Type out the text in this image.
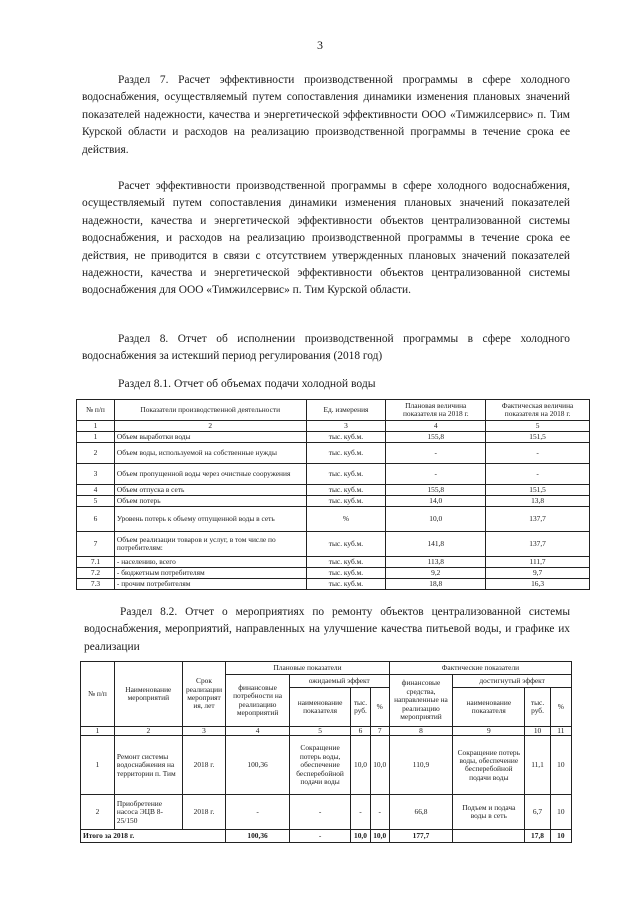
3

Раздел 7. Расчет эффективности производственной программы в сфере холодного водоснабжения, осуществляемый путем сопоставления динамики изменения плановых значений показателей надежности, качества и энергетической эффективности ООО «Тимжилсервис» п. Тим Курской области и расходов на реализацию производственной программы в течение срока ее действия.

Расчет эффективности производственной программы в сфере холодного водоснабжения, осуществляемый путем сопоставления динамики изменения плановых значений показателей надежности, качества и энергетической эффективности объектов централизованной системы водоснабжения, и расходов на реализацию производственной программы в течение срока ее действия, не приводится в связи с отсутствием утвержденных плановых значений показателей надежности, качества и энергетической эффективности объектов централизованной системы водоснабжения для ООО «Тимжилсервис» п. Тим Курской области.

Раздел 8. Отчет об исполнении производственной программы в сфере холодного водоснабжения за истекший период регулирования (2018 год)

Раздел 8.1. Отчет об объемах подачи холодной воды

№ п/п	Показатели производственной деятельности	Ед. измерения	Плановая величина показателя на 2018 г.	Фактическая величина показателя на 2018 г.
1	2	3	4	5
1	Объем выработки воды	тыс. куб.м.	155,8	151,5
2	Объем воды, используемой на собственные нужды	тыс. куб.м.	-	-
3	Объем пропущенной воды через очистные сооружения	тыс. куб.м.	-	-
4	Объем отпуска в сеть	тыс. куб.м.	155,8	151,5
5	Объем потерь	тыс. куб.м.	14,0	13,8
6	Уровень потерь к объему отпущенной воды в сеть	%	10,0	137,7
7	Объем реализации товаров и услуг, в том числе по потребителям:	тыс. куб.м.	141,8	137,7
7.1	- населению, всего	тыс. куб.м.	113,8	111,7
7.2	- бюджетным потребителям	тыс. куб.м.	9,2	9,7
7.3	- прочим потребителям	тыс. куб.м.	18,8	16,3

Раздел 8.2. Отчет о мероприятиях по ремонту объектов централизованной системы водоснабжения, мероприятий, направленных на улучшение качества питьевой воды, и графике их реализации

№ п/п	Наименование мероприятий	Срок реализации мероприят ия, лет	Плановые показатели				Фактические показатели			
			финансовые потребности на реализацию мероприятий	ожидаемый эффект			финансовые средства, направленные на реализацию мероприятий	достигнутый эффект		
				наименование показателя	тыс. руб.	%		наименование показателя	тыс. руб.	%
1	2	3	4	5	6	7	8	9	10	11
1	Ремонт системы водоснабжения на территории п. Тим	2018 г.	100,36	Сокращение потерь воды, обеспечение бесперебойной подачи воды	10,0	10,0	110,9	Сокращение потерь воды, обеспечение бесперебойной подачи воды	11,1	10
2	Приобретение насоса ЭЦВ 8-25/150	2018 г.	-	-	-	-	66,8	Подъем и подача воды в сеть	6,7	10
Итого за 2018 г.			100,36	-	10,0	10,0	177,7		17,8	10
